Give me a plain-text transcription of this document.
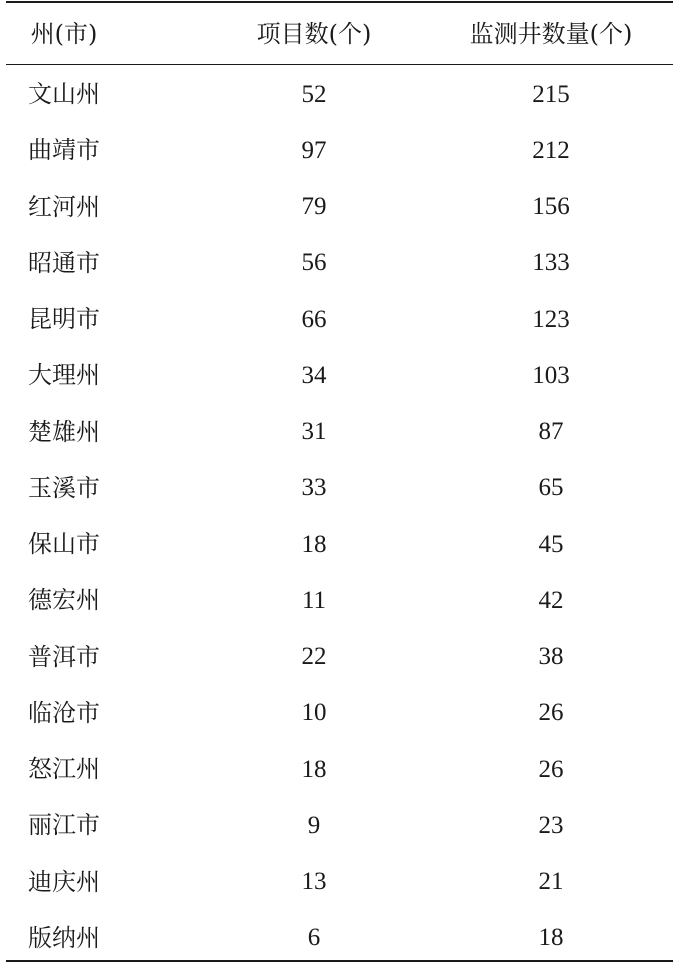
州(市)	项目数(个)	监测井数量(个)
文山州	52	215
曲靖市	97	212
红河州	79	156
昭通市	56	133
昆明市	66	123
大理州	34	103
楚雄州	31	87
玉溪市	33	65
保山市	18	45
德宏州	11	42
普洱市	22	38
临沧市	10	26
怒江州	18	26
丽江市	9	23
迪庆州	13	21
版纳州	6	18
